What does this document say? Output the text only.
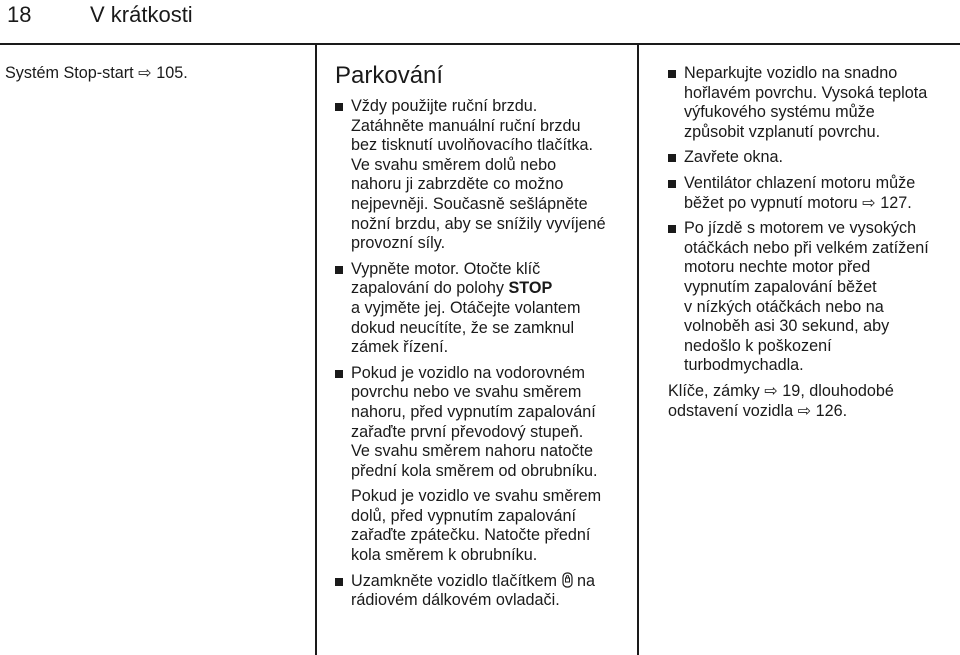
18	V krátkosti

Systém Stop-start ⇨ 105.	Parkování

Vždy použijte ruční brzdu.

Zatáhněte manuální ruční brzdu

bez tisknutí uvolňovacího tlačítka.

Ve svahu směrem dolů nebo

nahoru ji zabrzděte co možno

nejpevněji. Současně sešlápněte

nožní brzdu, aby se snížily vyvíjené

provozní síly.

Vypněte motor. Otočte klíč

zapalování do polohy STOP

a vyjměte jej. Otáčejte volantem

dokud neucítíte, že se zamknul

zámek řízení.

Pokud je vozidlo na vodorovném

povrchu nebo ve svahu směrem

nahoru, před vypnutím zapalování

zařaďte první převodový stupeň.

Ve svahu směrem nahoru natočte

přední kola směrem od obrubníku.

Pokud je vozidlo ve svahu směrem

dolů, před vypnutím zapalování

zařaďte zpátečku. Natočte přední

kola směrem k obrubníku.

Uzamkněte vozidlo tlačítkem na

rádiovém dálkovém ovladači.

Neparkujte vozidlo na snadno

hořlavém povrchu. Vysoká teplota

výfukového systému může

způsobit vzplanutí povrchu.

Zavřete okna.

Ventilátor chlazení motoru může

běžet po vypnutí motoru ⇨ 127.

Po jízdě s motorem ve vysokých

otáčkách nebo při velkém zatížení

motoru nechte motor před

vypnutím zapalování běžet

v nízkých otáčkách nebo na

volnoběh asi 30 sekund, aby

nedošlo k poškození

turbodmychadla.

Klíče, zámky ⇨ 19, dlouhodobé

odstavení vozidla ⇨ 126.
